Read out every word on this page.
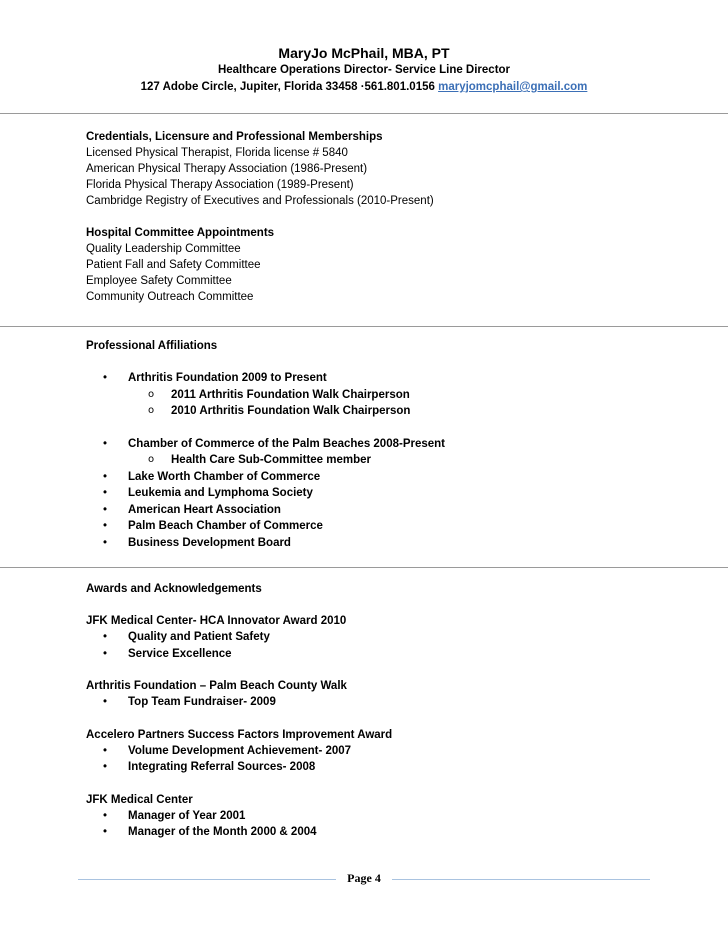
MaryJo McPhail, MBA, PT
Healthcare Operations Director- Service Line Director
127 Adobe Circle, Jupiter, Florida 33458 ·561.801.0156 maryjomcphail@gmail.com
Credentials, Licensure and Professional Memberships
Licensed Physical Therapist, Florida license # 5840
American Physical Therapy Association (1986-Present)
Florida Physical Therapy Association (1989-Present)
Cambridge Registry of Executives and Professionals (2010-Present)
Hospital Committee Appointments
Quality Leadership Committee
Patient Fall and Safety Committee
Employee Safety Committee
Community Outreach Committee
Professional Affiliations
• Arthritis Foundation 2009 to Present
o 2011 Arthritis Foundation Walk Chairperson
o 2010 Arthritis Foundation Walk Chairperson
• Chamber of Commerce of the Palm Beaches 2008-Present
o Health Care Sub-Committee member
• Lake Worth Chamber of Commerce
• Leukemia and Lymphoma Society
• American Heart Association
• Palm Beach Chamber of Commerce
• Business Development Board
Awards and Acknowledgements
JFK Medical Center- HCA Innovator Award 2010
• Quality and Patient Safety
• Service Excellence
Arthritis Foundation – Palm Beach County Walk
• Top Team Fundraiser- 2009
Accelero Partners Success Factors Improvement Award
• Volume Development Achievement- 2007
• Integrating Referral Sources- 2008
JFK Medical Center
• Manager of Year 2001
• Manager of the Month 2000 & 2004
Page 4
